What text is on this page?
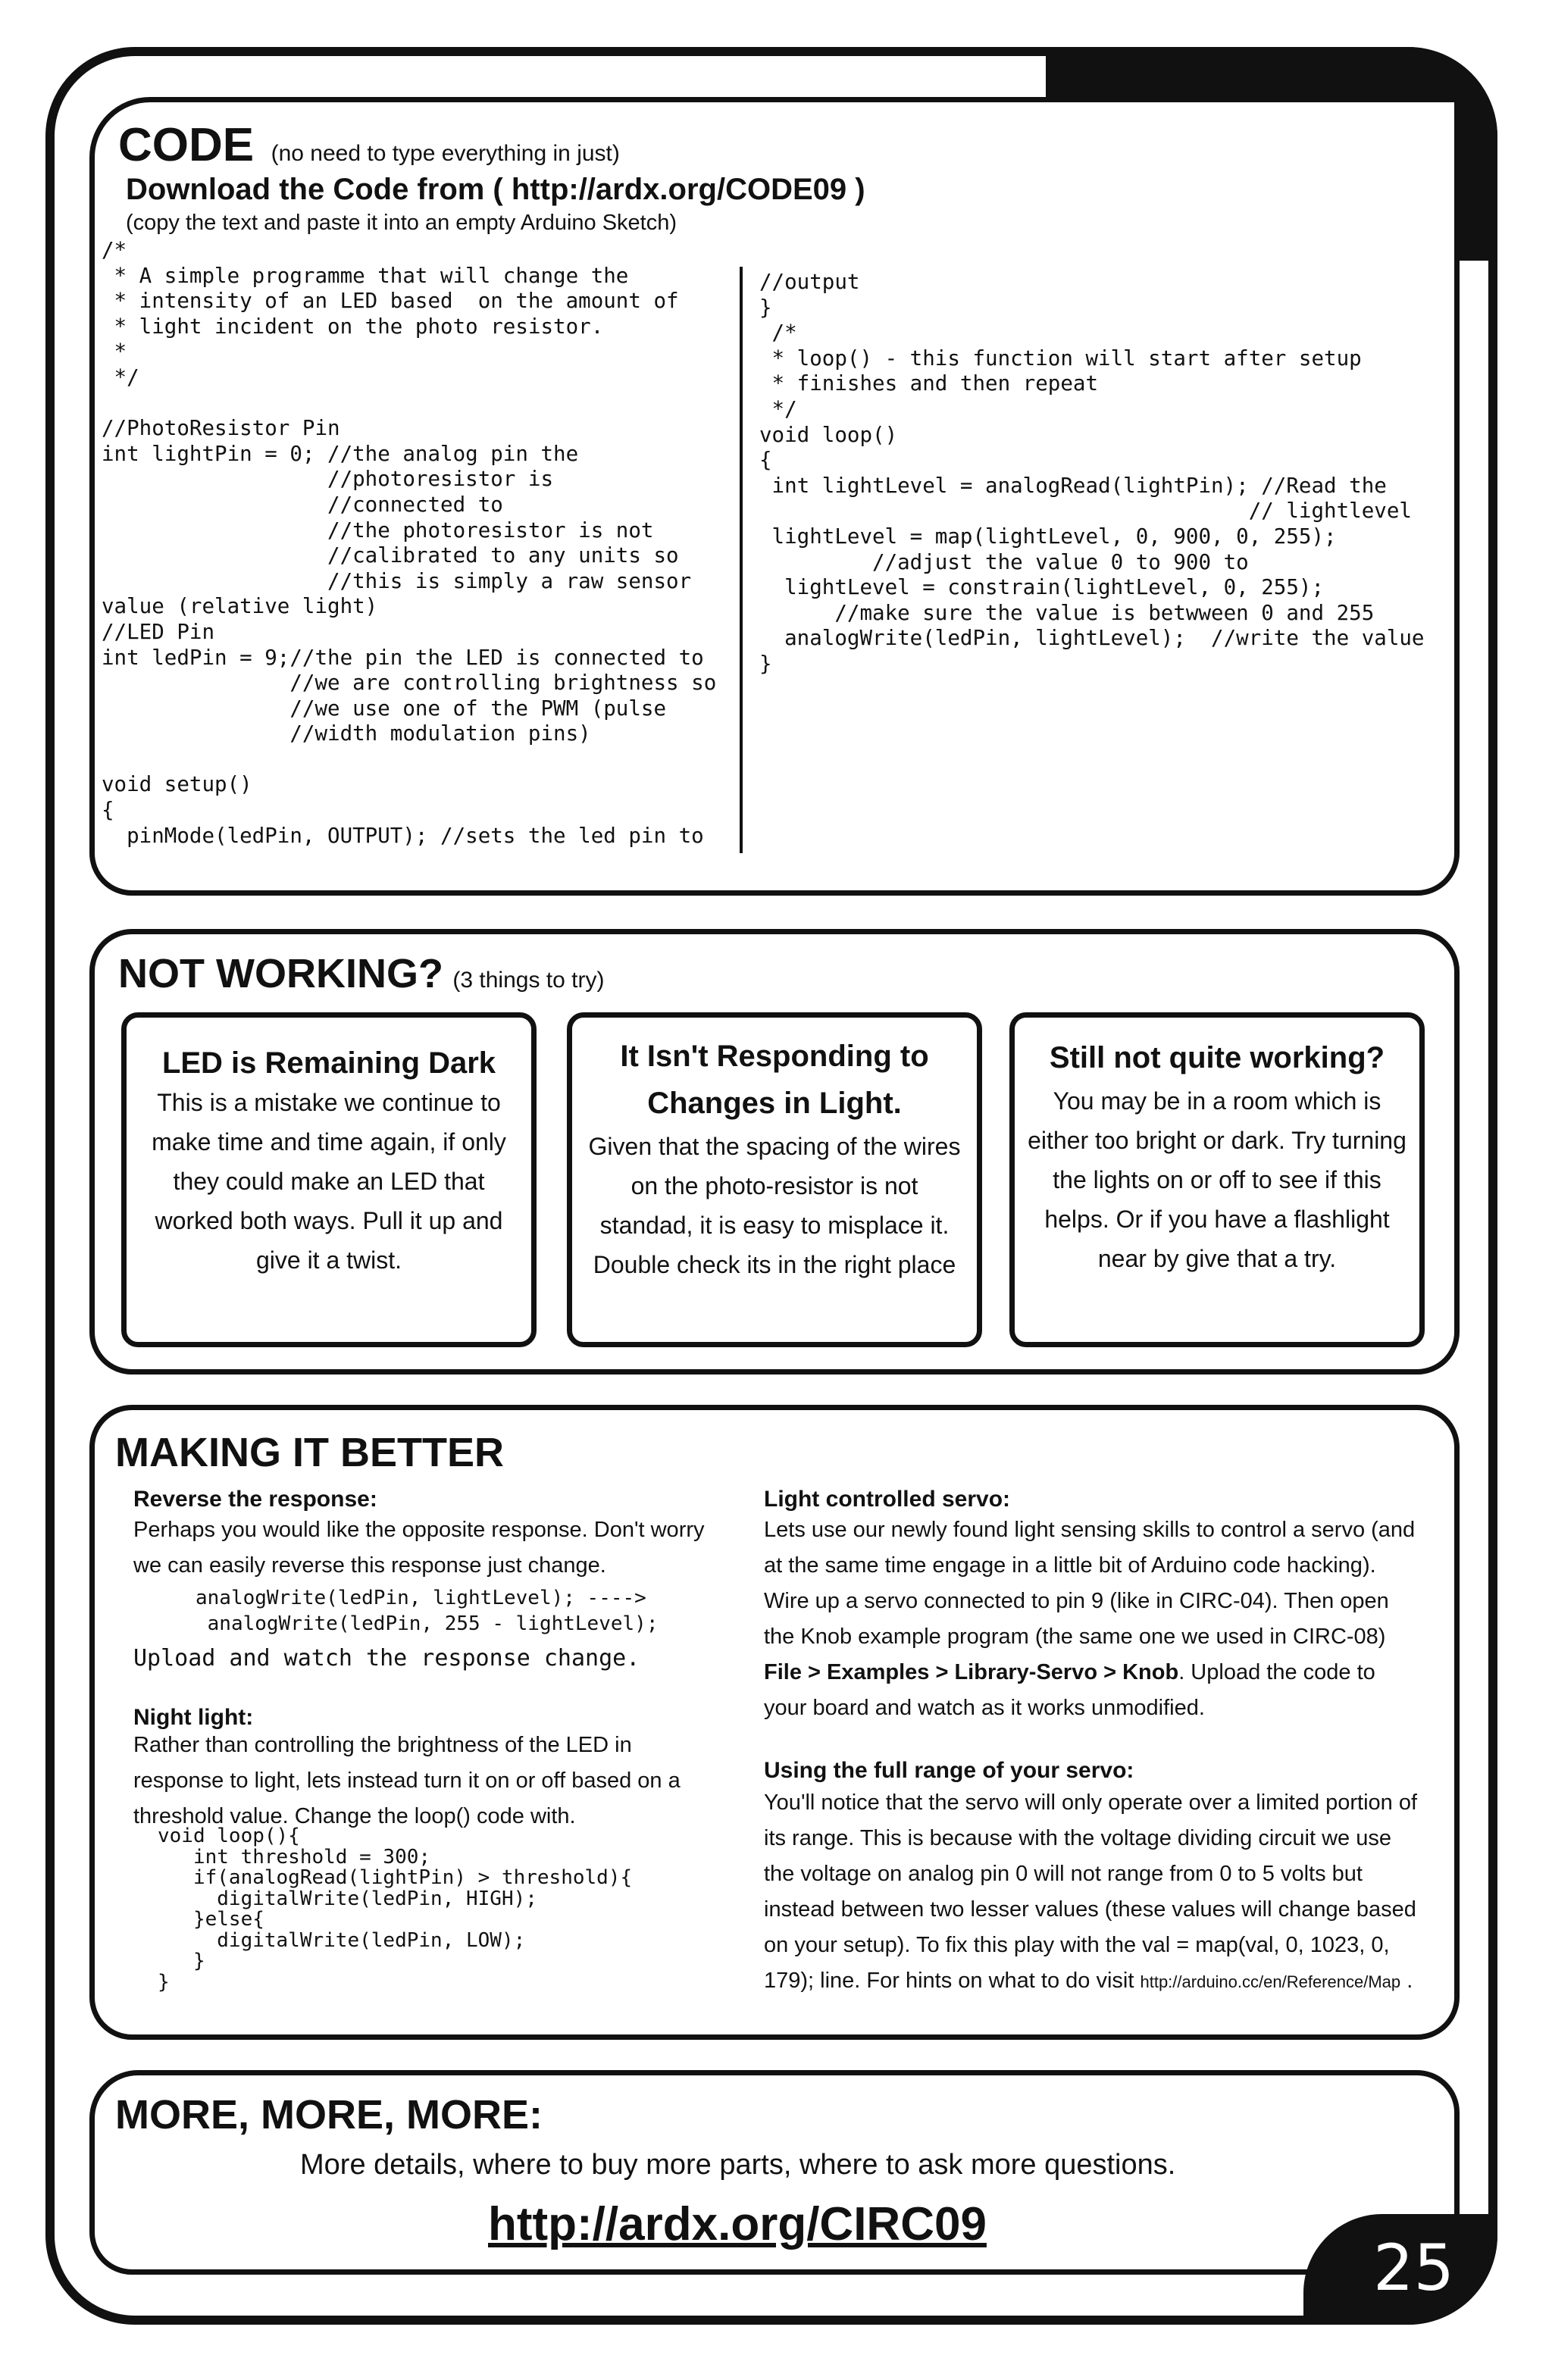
CODE (no need to type everything in just)
Download the Code from ( http://ardx.org/CODE09 )
(copy the text and paste it into an empty Arduino Sketch)
/*
* A simple programme that will change the
* intensity of an LED based  on the amount of
* light incident on the photo resistor.
*
*/

//PhotoResistor Pin
int lightPin = 0; //the analog pin the
//photoresistor is
//connected to
//the photoresistor is not
//calibrated to any units so
//this is simply a raw sensor
value (relative light)
//LED Pin
int ledPin = 9;//the pin the LED is connected to
//we are controlling brightness so
//we use one of the PWM (pulse
//width modulation pins)

void setup()
{
pinMode(ledPin, OUTPUT); //sets the led pin to
//output
}
/*
* loop() - this function will start after setup
* finishes and then repeat
*/
void loop()
{
int lightLevel = analogRead(lightPin); //Read the
// lightlevel
lightLevel = map(lightLevel, 0, 900, 0, 255);
//adjust the value 0 to 900 to
lightLevel = constrain(lightLevel, 0, 255);
//make sure the value is betwween 0 and 255
analogWrite(ledPin, lightLevel);  //write the value
}
NOT WORKING? (3 things to try)
LED is Remaining Dark
This is a mistake we continue to make time and time again, if only they could make an LED that worked both ways. Pull it up and give it a twist.
It Isn't Responding to Changes in Light.
Given that the spacing of the wires on the photo-resistor is not standad, it is easy to misplace it. Double check its in the right place
Still not quite working?
You may be in a room which is either too bright or dark. Try turning the lights on or off to see if this helps. Or if you have a flashlight near by give that a try.
MAKING IT BETTER
Reverse the response:
Perhaps you would like the opposite response. Don't worry we can easily reverse this response just change.
analogWrite(ledPin, lightLevel); ---->
analogWrite(ledPin, 255 - lightLevel);
Upload and watch the response change.
Night light:
Rather than controlling the brightness of the LED in response to light, lets instead turn it on or off based on a threshold value. Change the loop() code with.
void loop(){
int threshold = 300;
if(analogRead(lightPin) > threshold){
digitalWrite(ledPin, HIGH);
}else{
digitalWrite(ledPin, LOW);
}
}
Light controlled servo:
Lets use our newly found light sensing skills to control a servo (and at the same time engage in a little bit of Arduino code hacking). Wire up a servo connected to pin 9 (like in CIRC-04). Then open the Knob example program (the same one we used in CIRC-08) File > Examples > Library-Servo > Knob. Upload the code to your board and watch as it works unmodified.
Using the full range of your servo:
You'll notice that the servo will only operate over a limited portion of its range. This is because with the voltage dividing circuit we use the voltage on analog pin 0 will not range from 0 to 5 volts but instead between two lesser values (these values will change based on your setup). To fix this play with the val = map(val, 0, 1023, 0, 179); line. For hints on what to do visit http://arduino.cc/en/Reference/Map .
MORE, MORE, MORE:
More details, where to buy more parts, where to ask more questions.
http://ardx.org/CIRC09
25
